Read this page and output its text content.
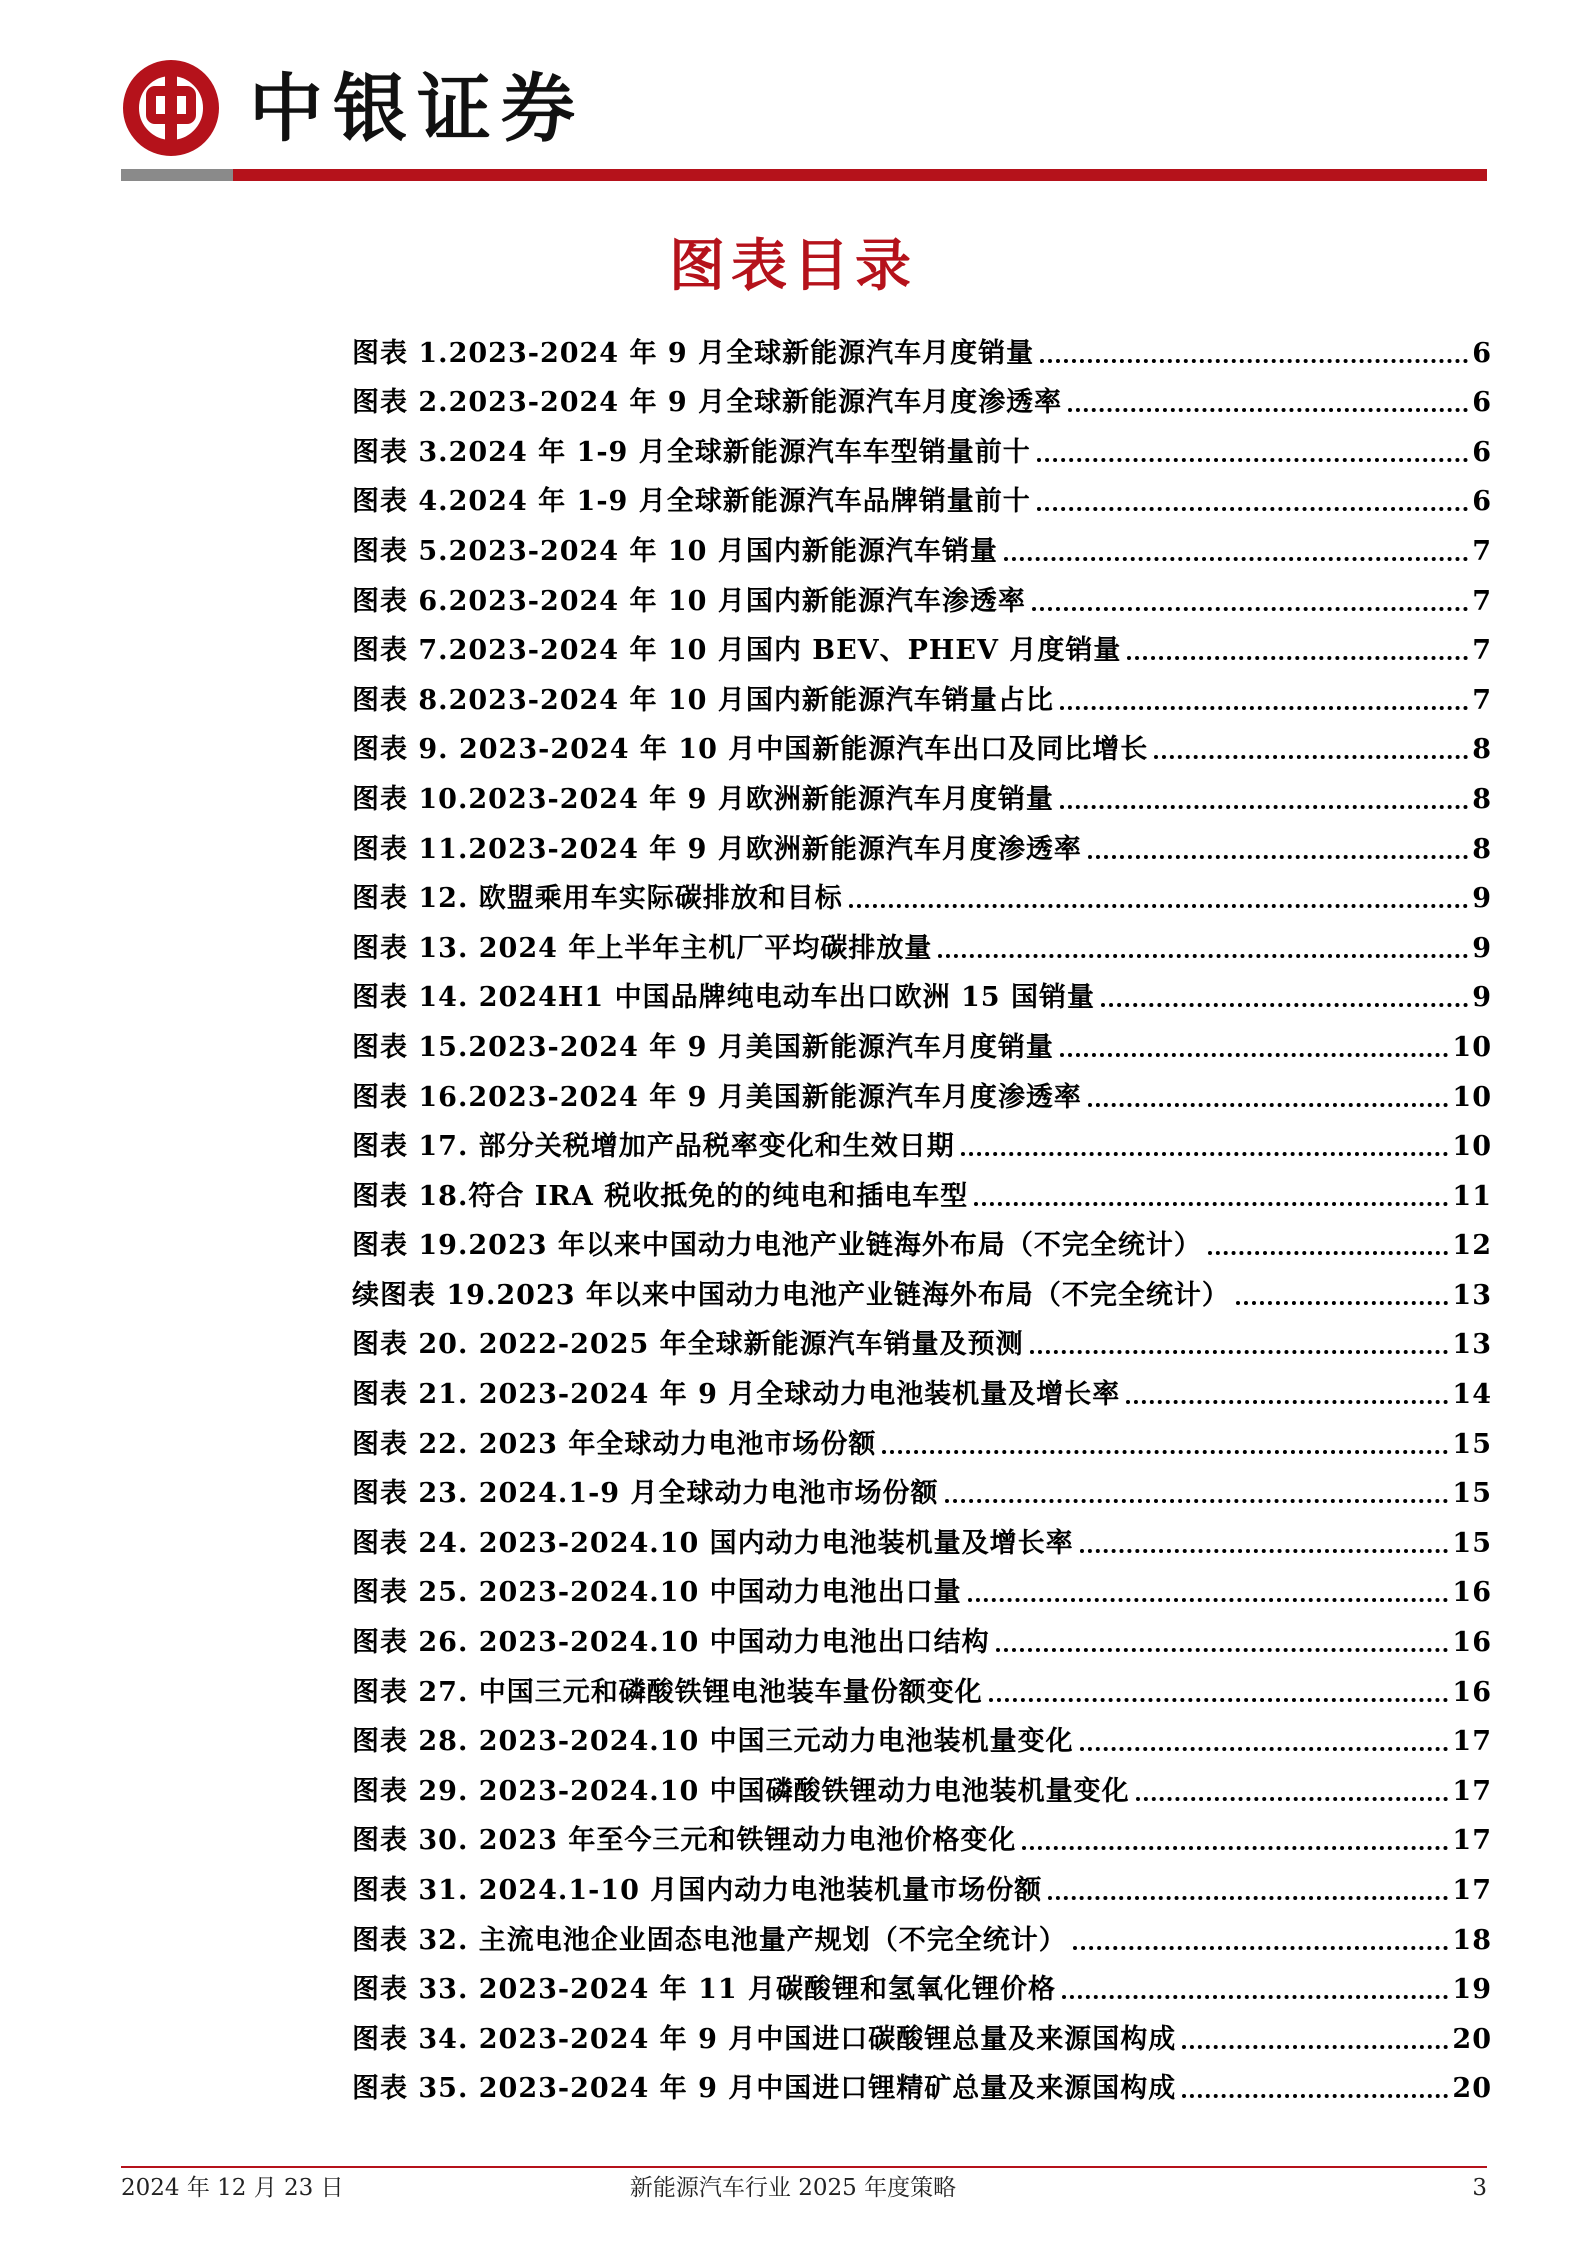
中银证券
图表目录
图表 1.2023-2024 年 9 月全球新能源汽车月度销量	6
图表 2.2023-2024 年 9 月全球新能源汽车月度渗透率	6
图表 3.2024 年 1-9 月全球新能源汽车车型销量前十	6
图表 4.2024 年 1-9 月全球新能源汽车品牌销量前十	6
图表 5.2023-2024 年 10 月国内新能源汽车销量	7
图表 6.2023-2024 年 10 月国内新能源汽车渗透率	7
图表 7.2023-2024 年 10 月国内 BEV、PHEV 月度销量	7
图表 8.2023-2024 年 10 月国内新能源汽车销量占比	7
图表 9. 2023-2024 年 10 月中国新能源汽车出口及同比增长	8
图表 10.2023-2024 年 9 月欧洲新能源汽车月度销量	8
图表 11.2023-2024 年 9 月欧洲新能源汽车月度渗透率	8
图表 12. 欧盟乘用车实际碳排放和目标	9
图表 13. 2024 年上半年主机厂平均碳排放量	9
图表 14. 2024H1 中国品牌纯电动车出口欧洲 15 国销量	9
图表 15.2023-2024 年 9 月美国新能源汽车月度销量	10
图表 16.2023-2024 年 9 月美国新能源汽车月度渗透率	10
图表 17. 部分关税增加产品税率变化和生效日期	10
图表 18.符合 IRA 税收抵免的的纯电和插电车型	11
图表 19.2023 年以来中国动力电池产业链海外布局（不完全统计）	12
续图表 19.2023 年以来中国动力电池产业链海外布局（不完全统计）	13
图表 20. 2022-2025 年全球新能源汽车销量及预测	13
图表 21. 2023-2024 年 9 月全球动力电池装机量及增长率	14
图表 22. 2023 年全球动力电池市场份额	15
图表 23. 2024.1-9 月全球动力电池市场份额	15
图表 24. 2023-2024.10 国内动力电池装机量及增长率	15
图表 25. 2023-2024.10 中国动力电池出口量	16
图表 26. 2023-2024.10 中国动力电池出口结构	16
图表 27. 中国三元和磷酸铁锂电池装车量份额变化	16
图表 28. 2023-2024.10 中国三元动力电池装机量变化	17
图表 29. 2023-2024.10 中国磷酸铁锂动力电池装机量变化	17
图表 30. 2023 年至今三元和铁锂动力电池价格变化	17
图表 31. 2024.1-10 月国内动力电池装机量市场份额	17
图表 32. 主流电池企业固态电池量产规划（不完全统计）	18
图表 33. 2023-2024 年 11 月碳酸锂和氢氧化锂价格	19
图表 34. 2023-2024 年 9 月中国进口碳酸锂总量及来源国构成	20
图表 35. 2023-2024 年 9 月中国进口锂精矿总量及来源国构成	20
2024 年 12 月 23 日	新能源汽车行业 2025 年度策略	3
